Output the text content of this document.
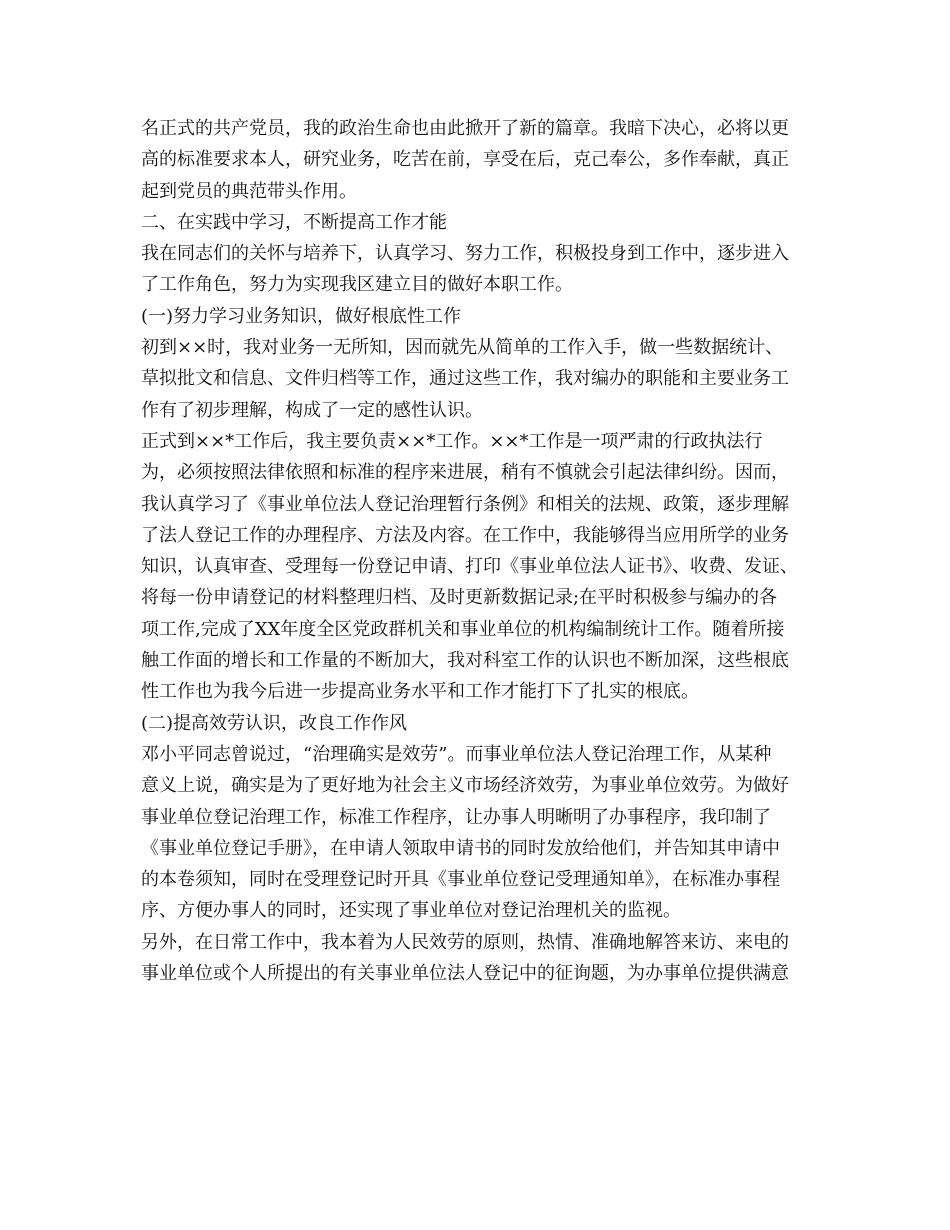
名正式的共产党员，我的政治生命也由此掀开了新的篇章。我暗下决心，必将以更
高的标准要求本人，研究业务，吃苦在前，享受在后，克己奉公，多作奉献，真正
起到党员的典范带头作用。
二、在实践中学习，不断提高工作才能
我在同志们的关怀与培养下，认真学习、努力工作，积极投身到工作中，逐步进入
了工作角色，努力为实现我区建立目的做好本职工作。
(一)努力学习业务知识，做好根底性工作
初到××时，我对业务一无所知，因而就先从简单的工作入手，做一些数据统计、
草拟批文和信息、文件归档等工作，通过这些工作，我对编办的职能和主要业务工
作有了初步理解，构成了一定的感性认识。
正式到××*工作后，我主要负责××*工作。××*工作是一项严肃的行政执法行
为，必须按照法律依照和标准的程序来进展，稍有不慎就会引起法律纠纷。因而，
我认真学习了《事业单位法人登记治理暂行条例》和相关的法规、政策，逐步理解
了法人登记工作的办理程序、方法及内容。在工作中，我能够得当应用所学的业务
知识，认真审查、受理每一份登记申请、打印《事业单位法人证书》、收费、发证、
将每一份申请登记的材料整理归档、及时更新数据记录;在平时积极参与编办的各
项工作,完成了XX年度全区党政群机关和事业单位的机构编制统计工作。随着所接
触工作面的增长和工作量的不断加大，我对科室工作的认识也不断加深，这些根底
性工作也为我今后进一步提高业务水平和工作才能打下了扎实的根底。
(二)提高效劳认识，改良工作作风
邓小平同志曾说过，“治理确实是效劳”。而事业单位法人登记治理工作，从某种
意义上说，确实是为了更好地为社会主义市场经济效劳，为事业单位效劳。为做好
事业单位登记治理工作，标准工作程序，让办事人明晰明了办事程序，我印制了
《事业单位登记手册》，在申请人领取申请书的同时发放给他们，并告知其申请中
的本卷须知，同时在受理登记时开具《事业单位登记受理通知单》，在标准办事程
序、方便办事人的同时，还实现了事业单位对登记治理机关的监视。
另外，在日常工作中，我本着为人民效劳的原则，热情、准确地解答来访、来电的
事业单位或个人所提出的有关事业单位法人登记中的征询题，为办事单位提供满意
